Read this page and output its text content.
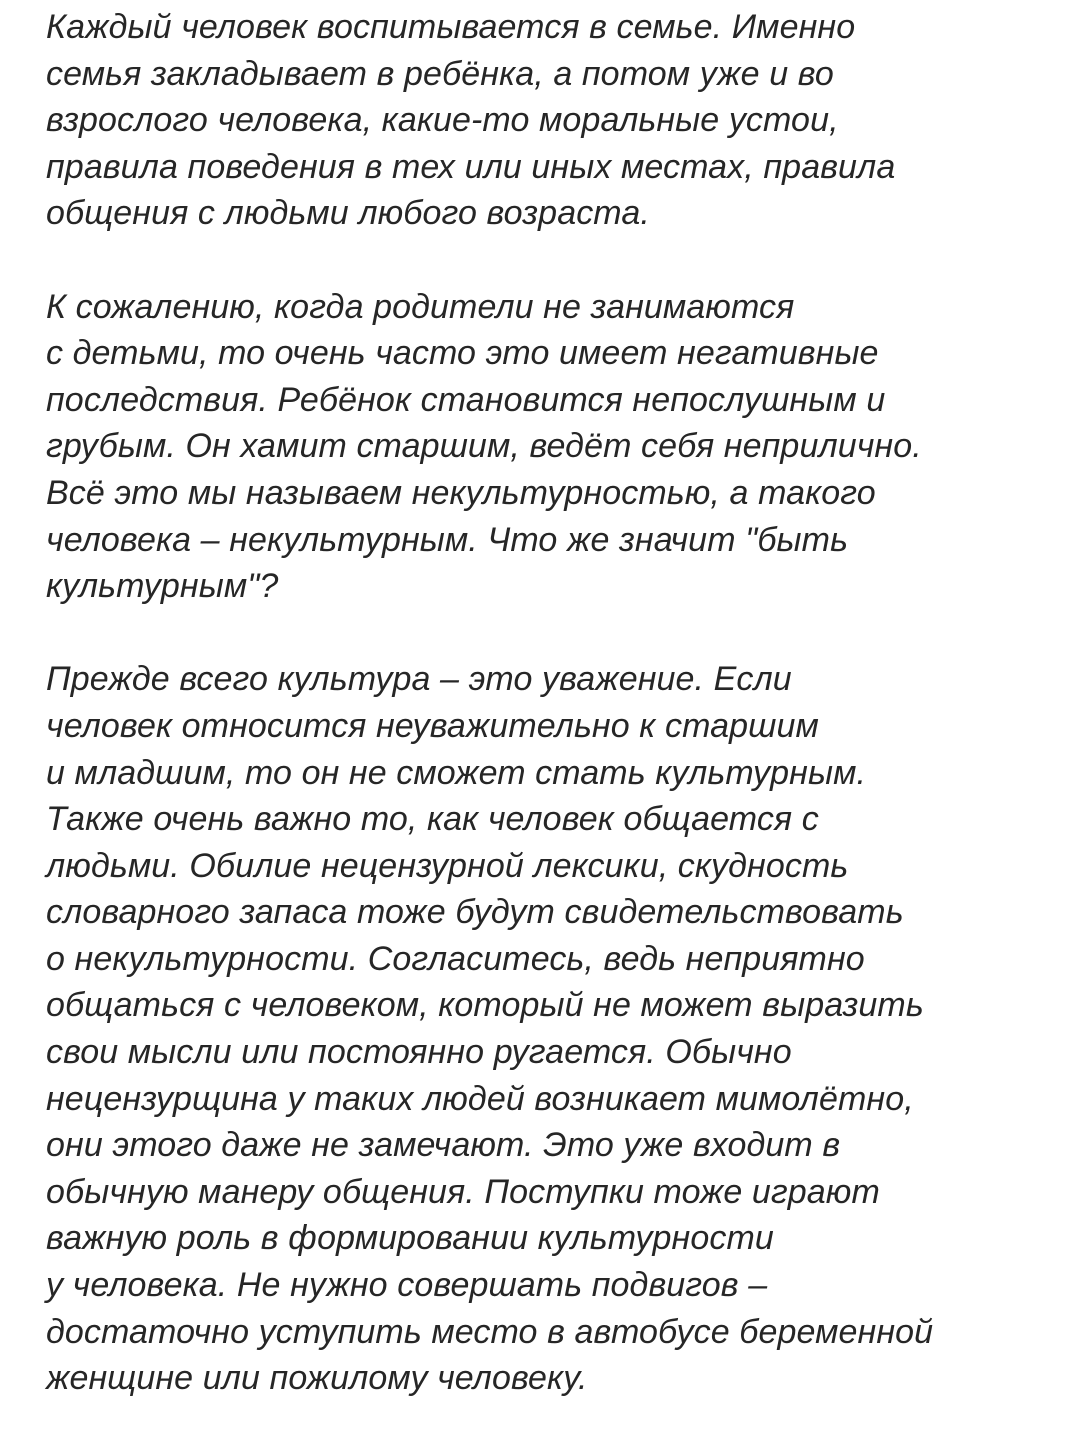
Каждый человек воспитывается в семье. Именно
семья закладывает в ребёнка, а потом уже и во
взрослого человека, какие-то моральные устои,
правила поведения в тех или иных местах, правила
общения с людьми любого возраста.

К сожалению, когда родители не занимаются
с детьми, то очень часто это имеет негативные
последствия. Ребёнок становится непослушным и
грубым. Он хамит старшим, ведёт себя неприлично.
Всё это мы называем некультурностью, а такого
человека – некультурным. Что же значит "быть
культурным"?

Прежде всего культура – это уважение. Если
человек относится неуважительно к старшим
и младшим, то он не сможет стать культурным.
Также очень важно то, как человек общается с
людьми. Обилие нецензурной лексики, скудность
словарного запаса тоже будут свидетельствовать
о некультурности. Согласитесь, ведь неприятно
общаться с человеком, который не может выразить
свои мысли или постоянно ругается. Обычно
нецензурщина у таких людей возникает мимолётно,
они этого даже не замечают. Это уже входит в
обычную манеру общения. Поступки тоже играют
важную роль в формировании культурности
у человека. Не нужно совершать подвигов –
достаточно уступить место в автобусе беременной
женщине или пожилому человеку.
